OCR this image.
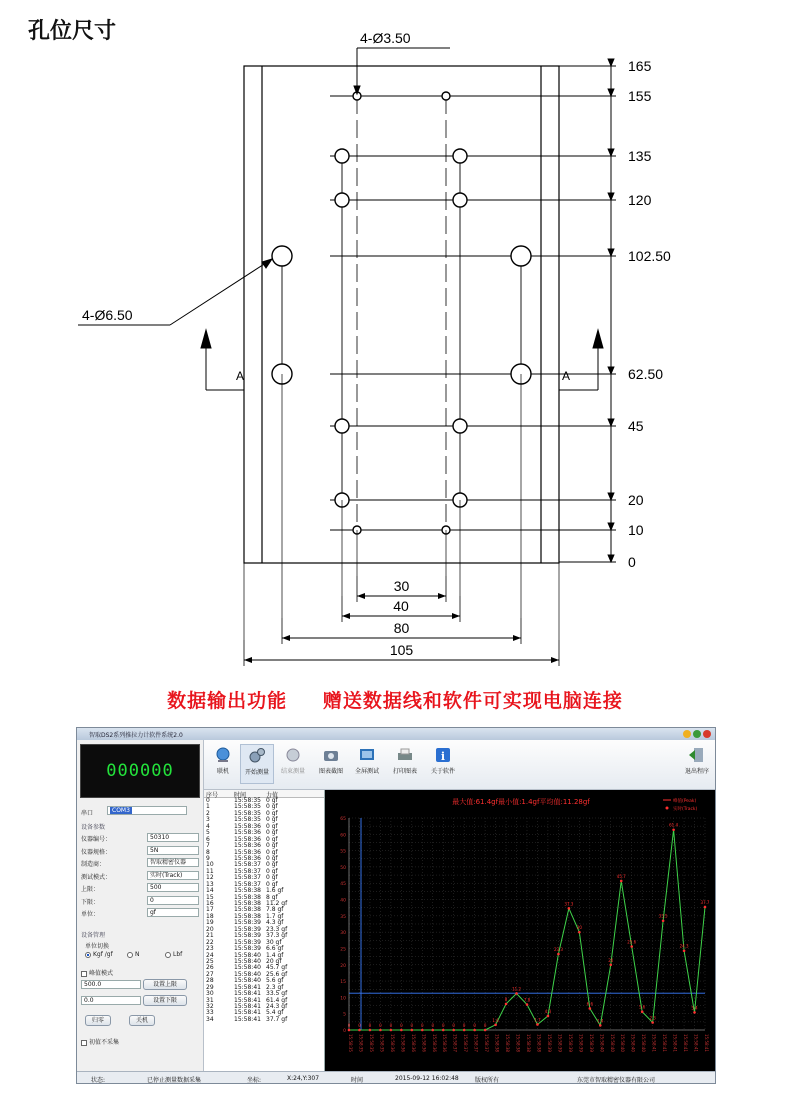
孔位尺寸
165
155
135
120
102.50
62.50
45
20
10
0
30
40
80
105
4-Ø3.50
4-Ø6.50
A	A
数据输出功能 赠送数据线和软件可实现电脑连接
智取DS2系列推拉力计软件系统2.0
000000
串口	COM3
设备参数
设备管理
单位切换
Kgf /gf	N	Lbf
峰值模式
500.0	设置上限
0.0	设置下限
归零	关机
初值不采集
仪器编号：	50310
仪器规格：	5N
制造商：	智取精密仪器
测试模式：	实时(Track)
上限：	500
下限：	0
单位：	gf
联机	开始测量	结束测量	图表截图	全屏测试	打印图表
i
关于软件	退出程序
序号	时间	力值
0	15:58:35 0 gf
1	15:58:35 0 gf
2	15:58:35 0 gf
3	15:58:35 0 gf
4	15:58:36 0 gf
5	15:58:36 0 gf
6	15:58:36 0 gf
7	15:58:36 0 gf
8	15:58:36 0 gf
9	15:58:36 0 gf
10	15:58:37 0 gf
11	15:58:37 0 gf
12	15:58:37 0 gf
13	15:58:37 0 gf
14	15:58:38 1.6 gf
15	15:58:38 8 gf
16	15:58:38 11.2 gf
17	15:58:38 7.8 gf
18	15:58:38 1.7 gf
19	15:58:39 4.3 gf
20	15:58:39 23.3 gf
21	15:58:39 37.3 gf
22	15:58:39 30 gf
23	15:58:39 6.6 gf
24	15:58:40 1.4 gf
25	15:58:40 20 gf
26	15:58:40 45.7 gf
27	15:58:40 25.6 gf
28	15:58:40 5.6 gf
29	15:58:41 2.3 gf
30	15:58:41 33.5 gf
31	15:58:41 61.4 gf
32	15:58:41 24.3 gf
33	15:58:41 5.4 gf
34	15:58:41 37.7 gf
0
5
10
15
20
25
30
35
40
45
50
55
60
65
15:58:35 15:58:35 15:58:35 15:58:35 15:58:36 15:58:36 15:58:36 15:58:36 15:58:36 15:58:36 15:58:37 15:58:37 15:58:37 15:58:37 15:58:38 15:58:38 15:58:38 15:58:38 15:58:38 15:58:39 15:58:39 15:58:39 15:58:39 15:58:39 15:58:40 15:58:40 15:58:40 15:58:40 15:58:40 15:58:41 15:58:41 15:58:41 15:58:41 15:58:41 15:58:41
0 0 0 0 0 0 0 0 0 0 0 0 0 0
1.6
8
11.2
7.8
1.7
4.3
23.3
37.3
30
6.6
1.4
20
45.7
25.6
5.6
2.3
33.5
61.4
24.3
5.4
37.7
最大值:61.4gf最小值:1.4gf平均值:11.28gf	峰值(Peak)
实时(Track)
状态:	已停止测量数据采集	坐标:	X:24,Y:307	时间	2015-09-12 16:02:48	版权所有	东莞市智取精密仪器有限公司
